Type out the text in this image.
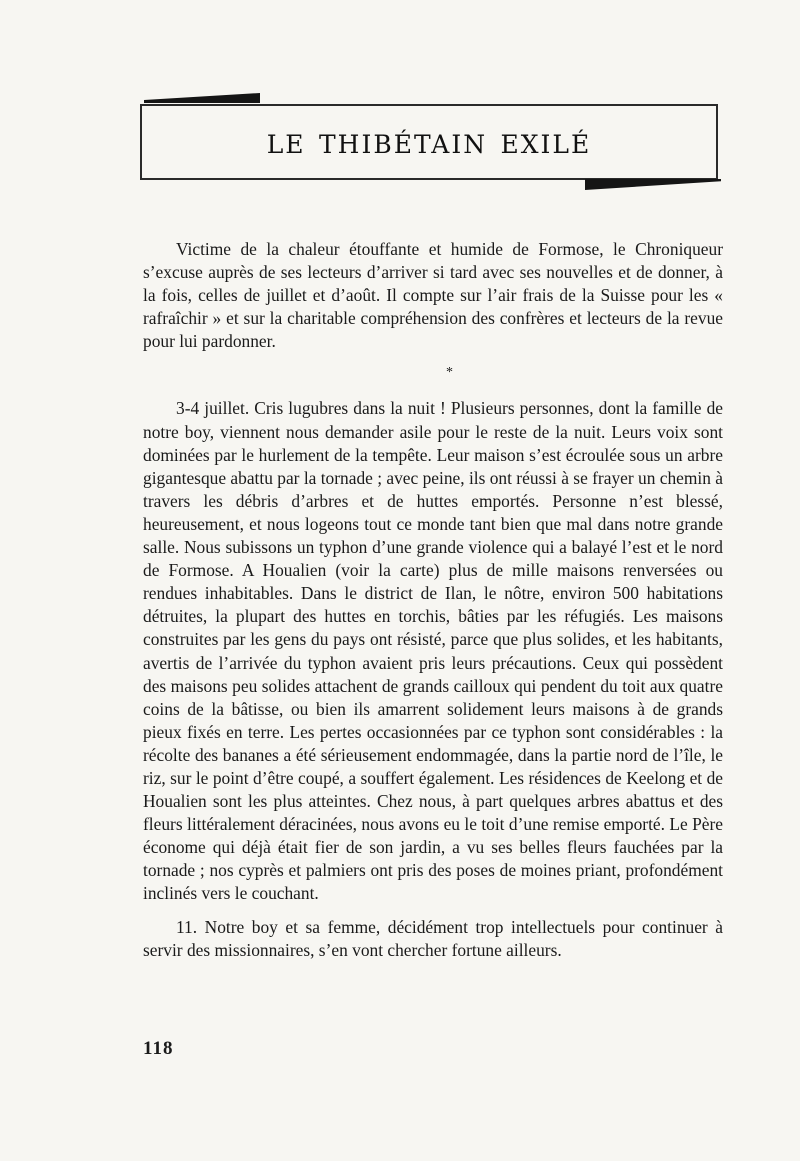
le thibétain exilé

Victime de la chaleur étouffante et humide de Formose, le Chroniqueur s’excuse auprès de ses lecteurs d’arriver si tard avec ses nouvelles et de donner, à la fois, celles de juillet et d’août. Il compte sur l’air frais de la Suisse pour les « rafraîchir » et sur la charitable compréhension des confrères et lecteurs de la revue pour lui pardonner.

*

3-4 juillet. Cris lugubres dans la nuit ! Plusieurs personnes, dont la famille de notre boy, viennent nous demander asile pour le reste de la nuit. Leurs voix sont dominées par le hurlement de la tempête. Leur maison s’est écroulée sous un arbre gigantesque abattu par la tornade ; avec peine, ils ont réussi à se frayer un chemin à travers les débris d’arbres et de huttes emportés. Personne n’est blessé, heureusement, et nous logeons tout ce monde tant bien que mal dans notre grande salle. Nous subissons un typhon d’une grande violence qui a balayé l’est et le nord de Formose. A Houalien (voir la carte) plus de mille maisons renversées ou rendues inhabitables. Dans le district de Ilan, le nôtre, environ 500 habitations détruites, la plupart des huttes en torchis, bâties par les réfugiés. Les maisons construites par les gens du pays ont résisté, parce que plus solides, et les habitants, avertis de l’arrivée du typhon avaient pris leurs précautions. Ceux qui possèdent des maisons peu solides attachent de grands cailloux qui pendent du toit aux quatre coins de la bâtisse, ou bien ils amarrent solidement leurs maisons à de grands pieux fixés en terre. Les pertes occasionnées par ce typhon sont considérables : la récolte des bananes a été sérieusement endommagée, dans la partie nord de l’île, le riz, sur le point d’être coupé, a souffert également. Les résidences de Keelong et de Houalien sont les plus atteintes. Chez nous, à part quelques arbres abattus et des fleurs littéralement déracinées, nous avons eu le toit d’une remise emporté. Le Père économe qui déjà était fier de son jardin, a vu ses belles fleurs fauchées par la tornade ; nos cyprès et palmiers ont pris des poses de moines priant, profondément inclinés vers le couchant.

11. Notre boy et sa femme, décidément trop intellectuels pour continuer à servir des missionnaires, s’en vont chercher fortune ailleurs.

118
